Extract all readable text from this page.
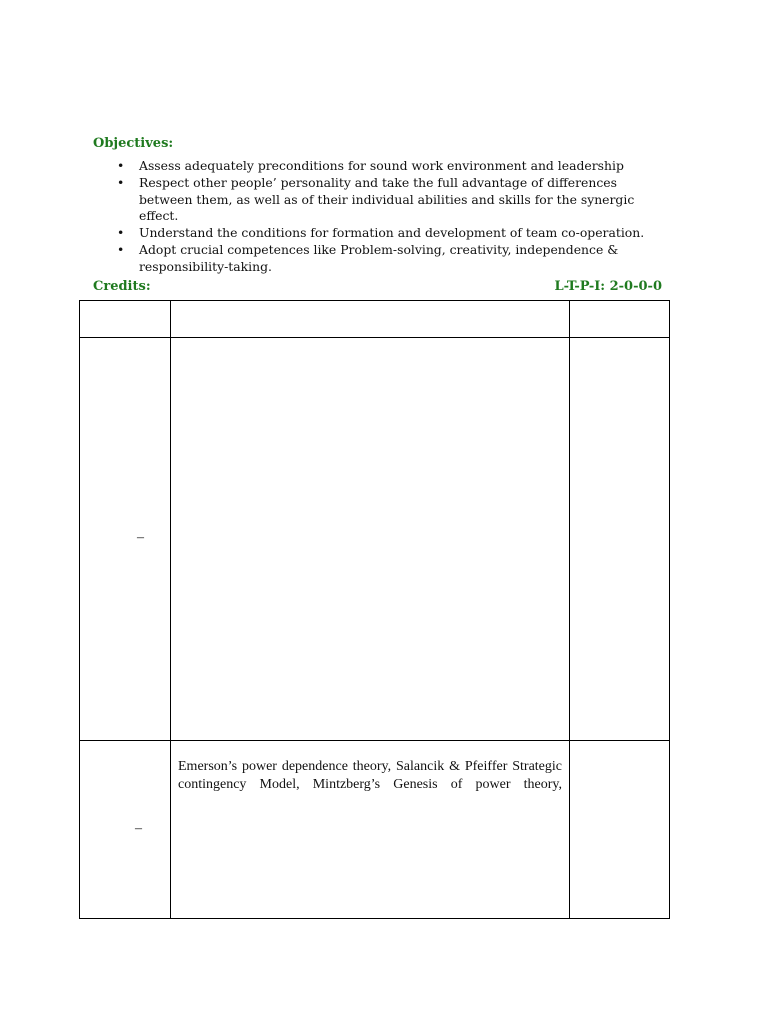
Objectives:
• Assess adequately preconditions for sound work environment and leadership
• Respect other people’ personality and take the full advantage of differences between them, as well as of their individual abilities and skills for the synergic effect.
• Understand the conditions for formation and development of team co-operation.
• Adopt crucial competences like Problem-solving, creativity, independence & responsibility-taking.
Credits:	L-T-P-I: 2-0-0-0

–		

–	Emerson’s power dependence theory, Salancik & Pfeiffer Strategic contingency Model, Mintzberg’s Genesis of power theory,	
